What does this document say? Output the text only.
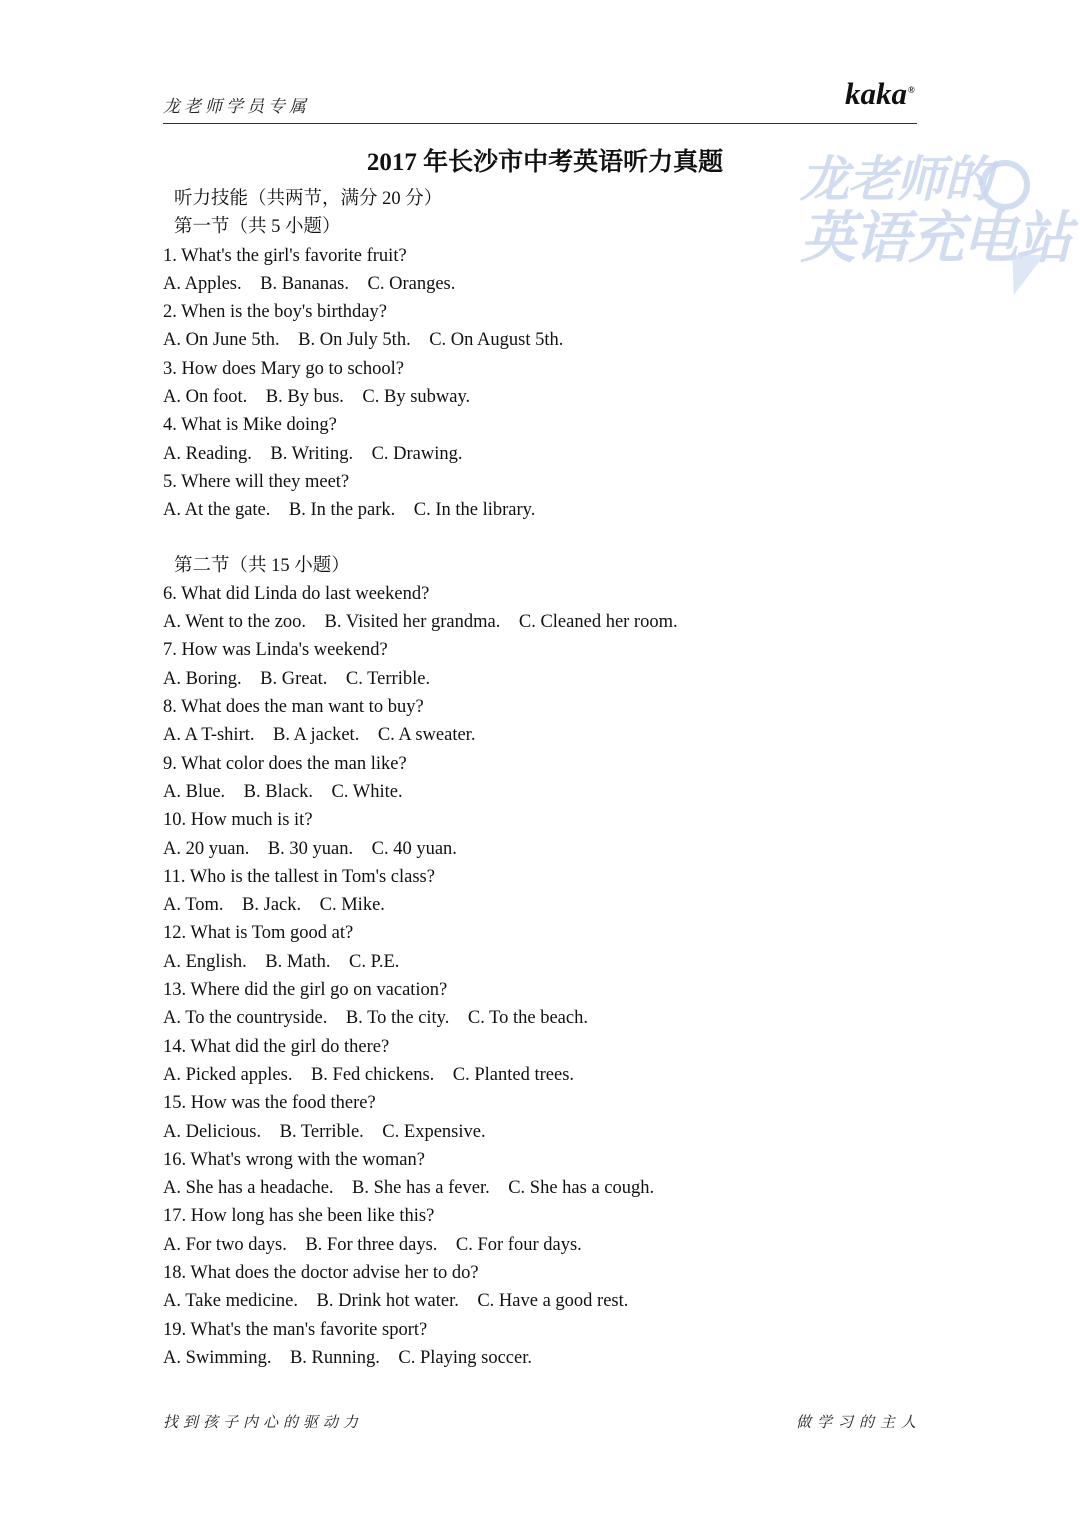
龙老师学员专属	kaka®
龙老师的
英语充电站
2017 年长沙市中考英语听力真题
听力技能（共两节，满分 20 分）
第一节（共 5 小题）
1. What's the girl's favorite fruit?
A. Apples.    B. Bananas.    C. Oranges.
2. When is the boy's birthday?
A. On June 5th.    B. On July 5th.    C. On August 5th.
3. How does Mary go to school?
A. On foot.    B. By bus.    C. By subway.
4. What is Mike doing?
A. Reading.    B. Writing.    C. Drawing.
5. Where will they meet?
A. At the gate.    B. In the park.    C. In the library.
第二节（共 15 小题）
6. What did Linda do last weekend?
A. Went to the zoo.    B. Visited her grandma.    C. Cleaned her room.
7. How was Linda's weekend?
A. Boring.    B. Great.    C. Terrible.
8. What does the man want to buy?
A. A T-shirt.    B. A jacket.    C. A sweater.
9. What color does the man like?
A. Blue.    B. Black.    C. White.
10. How much is it?
A. 20 yuan.    B. 30 yuan.    C. 40 yuan.
11. Who is the tallest in Tom's class?
A. Tom.    B. Jack.    C. Mike.
12. What is Tom good at?
A. English.    B. Math.    C. P.E.
13. Where did the girl go on vacation?
A. To the countryside.    B. To the city.    C. To the beach.
14. What did the girl do there?
A. Picked apples.    B. Fed chickens.    C. Planted trees.
15. How was the food there?
A. Delicious.    B. Terrible.    C. Expensive.
16. What's wrong with the woman?
A. She has a headache.    B. She has a fever.    C. She has a cough.
17. How long has she been like this?
A. For two days.    B. For three days.    C. For four days.
18. What does the doctor advise her to do?
A. Take medicine.    B. Drink hot water.    C. Have a good rest.
19. What's the man's favorite sport?
A. Swimming.    B. Running.    C. Playing soccer.
找到孩子内心的驱动力	做学习的主人
